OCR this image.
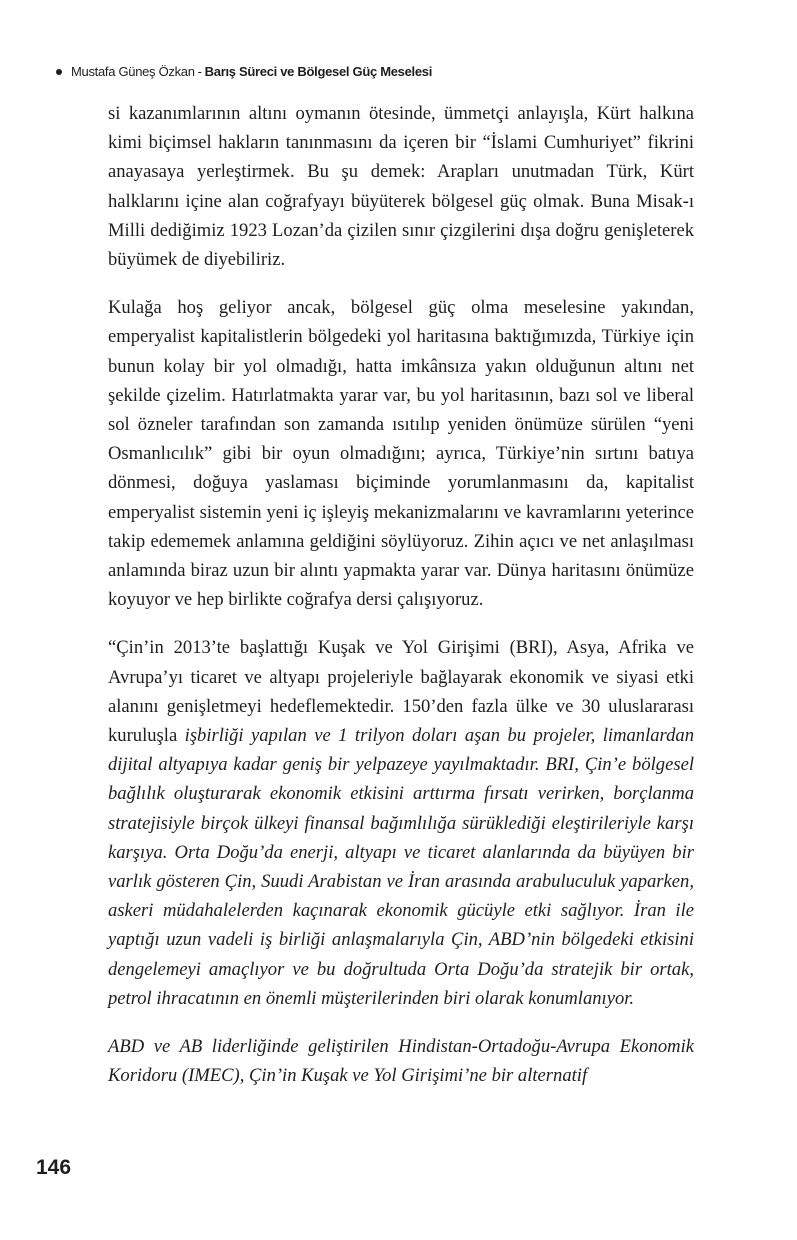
Mustafa Güneş Özkan - Barış Süreci ve Bölgesel Güç Meselesi

si kazanımlarının altını oymanın ötesinde, ümmetçi anlayışla, Kürt halkına kimi biçimsel hakların tanınmasını da içeren bir “İslami Cumhuriyet” fikrini anayasaya yerleştirmek. Bu şu demek: Arapları unutmadan Türk, Kürt halklarını içine alan coğrafyayı büyüterek bölgesel güç olmak. Buna Misak-ı Milli dediğimiz 1923 Lozan’da çizilen sınır çizgilerini dışa doğru genişleterek büyümek de diyebiliriz.

Kulağa hoş geliyor ancak, bölgesel güç olma meselesine yakından, emperyalist kapitalistlerin bölgedeki yol haritasına baktığımızda, Türkiye için bunun kolay bir yol olmadığı, hatta imkânsıza yakın olduğunun altını net şekilde çizelim. Hatırlatmakta yarar var, bu yol haritasının, bazı sol ve liberal sol özneler tarafından son zamanda ısıtılıp yeniden önümüze sürülen “yeni Osmanlıcılık” gibi bir oyun olmadığını; ayrıca, Türkiye’nin sırtını batıya dönmesi, doğuya yaslaması biçiminde yorumlanmasını da, kapitalist emperyalist sistemin yeni iç işleyiş mekanizmalarını ve kavramlarını yeterince takip edememek anlamına geldiğini söylüyoruz. Zihin açıcı ve net anlaşılması anlamında biraz uzun bir alıntı yapmakta yarar var. Dünya haritasını önümüze koyuyor ve hep birlikte coğrafya dersi çalışıyoruz.

“Çin’in 2013’te başlattığı Kuşak ve Yol Girişimi (BRI), Asya, Afrika ve Avrupa’yı ticaret ve altyapı projeleriyle bağlayarak ekonomik ve siyasi etki alanını genişletmeyi hedeflemektedir. 150’den fazla ülke ve 30 uluslararası kuruluşla işbirliği yapılan ve 1 trilyon doları aşan bu projeler, limanlardan dijital altyapıya kadar geniş bir yelpazeye yayılmaktadır. BRI, Çin’e bölgesel bağlılık oluşturarak ekonomik etkisini arttırma fırsatı verirken, borçlanma stratejisiyle birçok ülkeyi finansal bağımlılığa sürüklediği eleştirileriyle karşı karşıya. Orta Doğu’da enerji, altyapı ve ticaret alanlarında da büyüyen bir varlık gösteren Çin, Suudi Arabistan ve İran arasında arabuluculuk yaparken, askeri müdahalelerden kaçınarak ekonomik gücüyle etki sağlıyor. İran ile yaptığı uzun vadeli iş birliği anlaşmalarıyla Çin, ABD’nin bölgedeki etkisini dengelemeyi amaçlıyor ve bu doğrultuda Orta Doğu’da stratejik bir ortak, petrol ihracatının en önemli müşterilerinden biri olarak konumlanıyor.

ABD ve AB liderliğinde geliştirilen Hindistan-Ortadoğu-Avrupa Ekonomik Koridoru (IMEC), Çin’in Kuşak ve Yol Girişimi’ne bir alternatif

146
